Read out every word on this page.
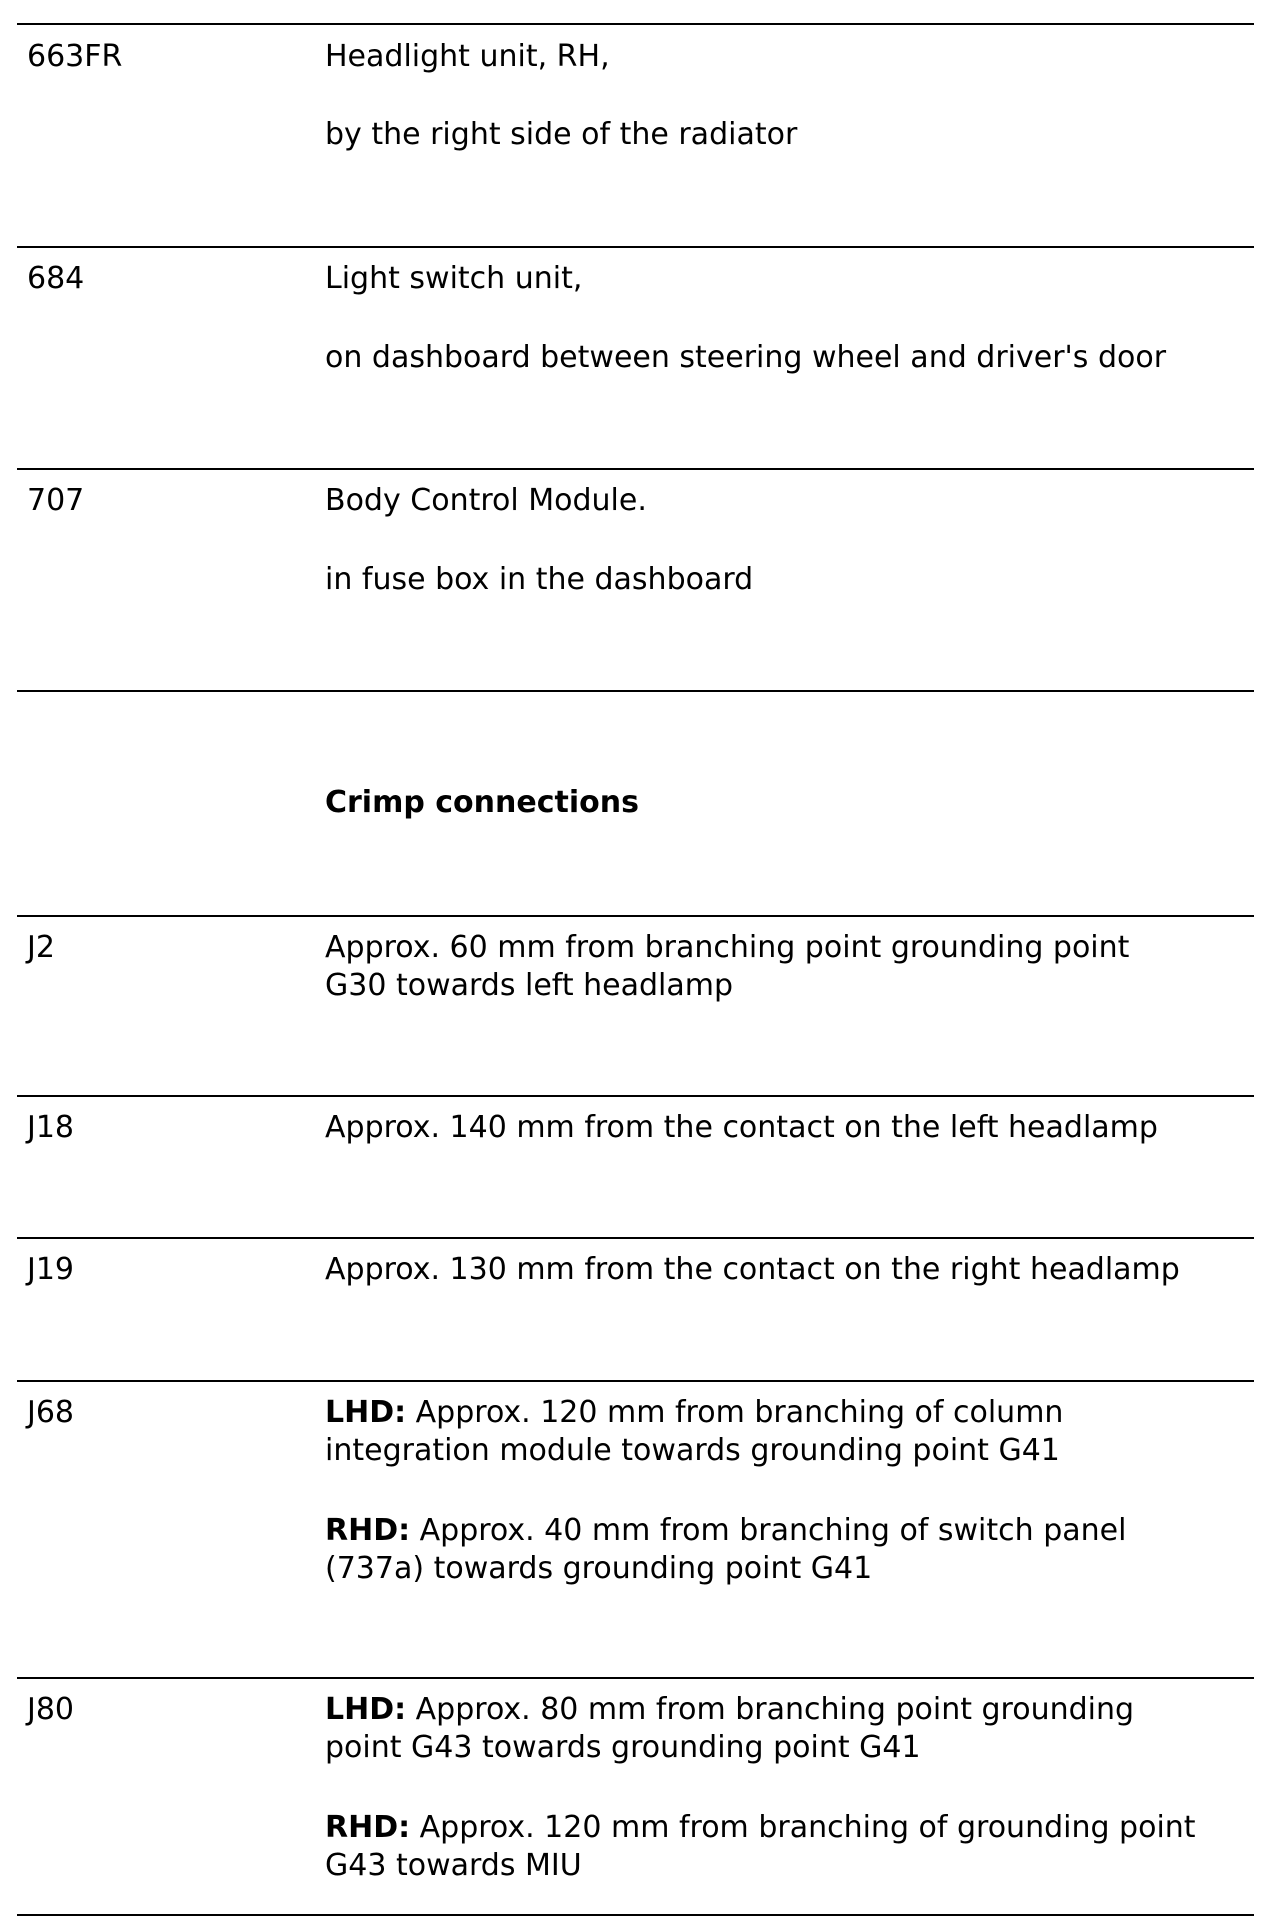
663FR	Headlight unit, RH,
by the right side of the radiator
684	Light switch unit,
on dashboard between steering wheel and driver's door
707	Body Control Module.
in fuse box in the dashboard
Crimp connections
J2	Approx. 60 mm from branching point grounding point
G30 towards left headlamp
J18	Approx. 140 mm from the contact on the left headlamp
J19	Approx. 130 mm from the contact on the right headlamp
J68	LHD: Approx. 120 mm from branching of column
integration module towards grounding point G41
RHD: Approx. 40 mm from branching of switch panel
(737a) towards grounding point G41
J80	LHD: Approx. 80 mm from branching point grounding
point G43 towards grounding point G41
RHD: Approx. 120 mm from branching of grounding point
G43 towards MIU
